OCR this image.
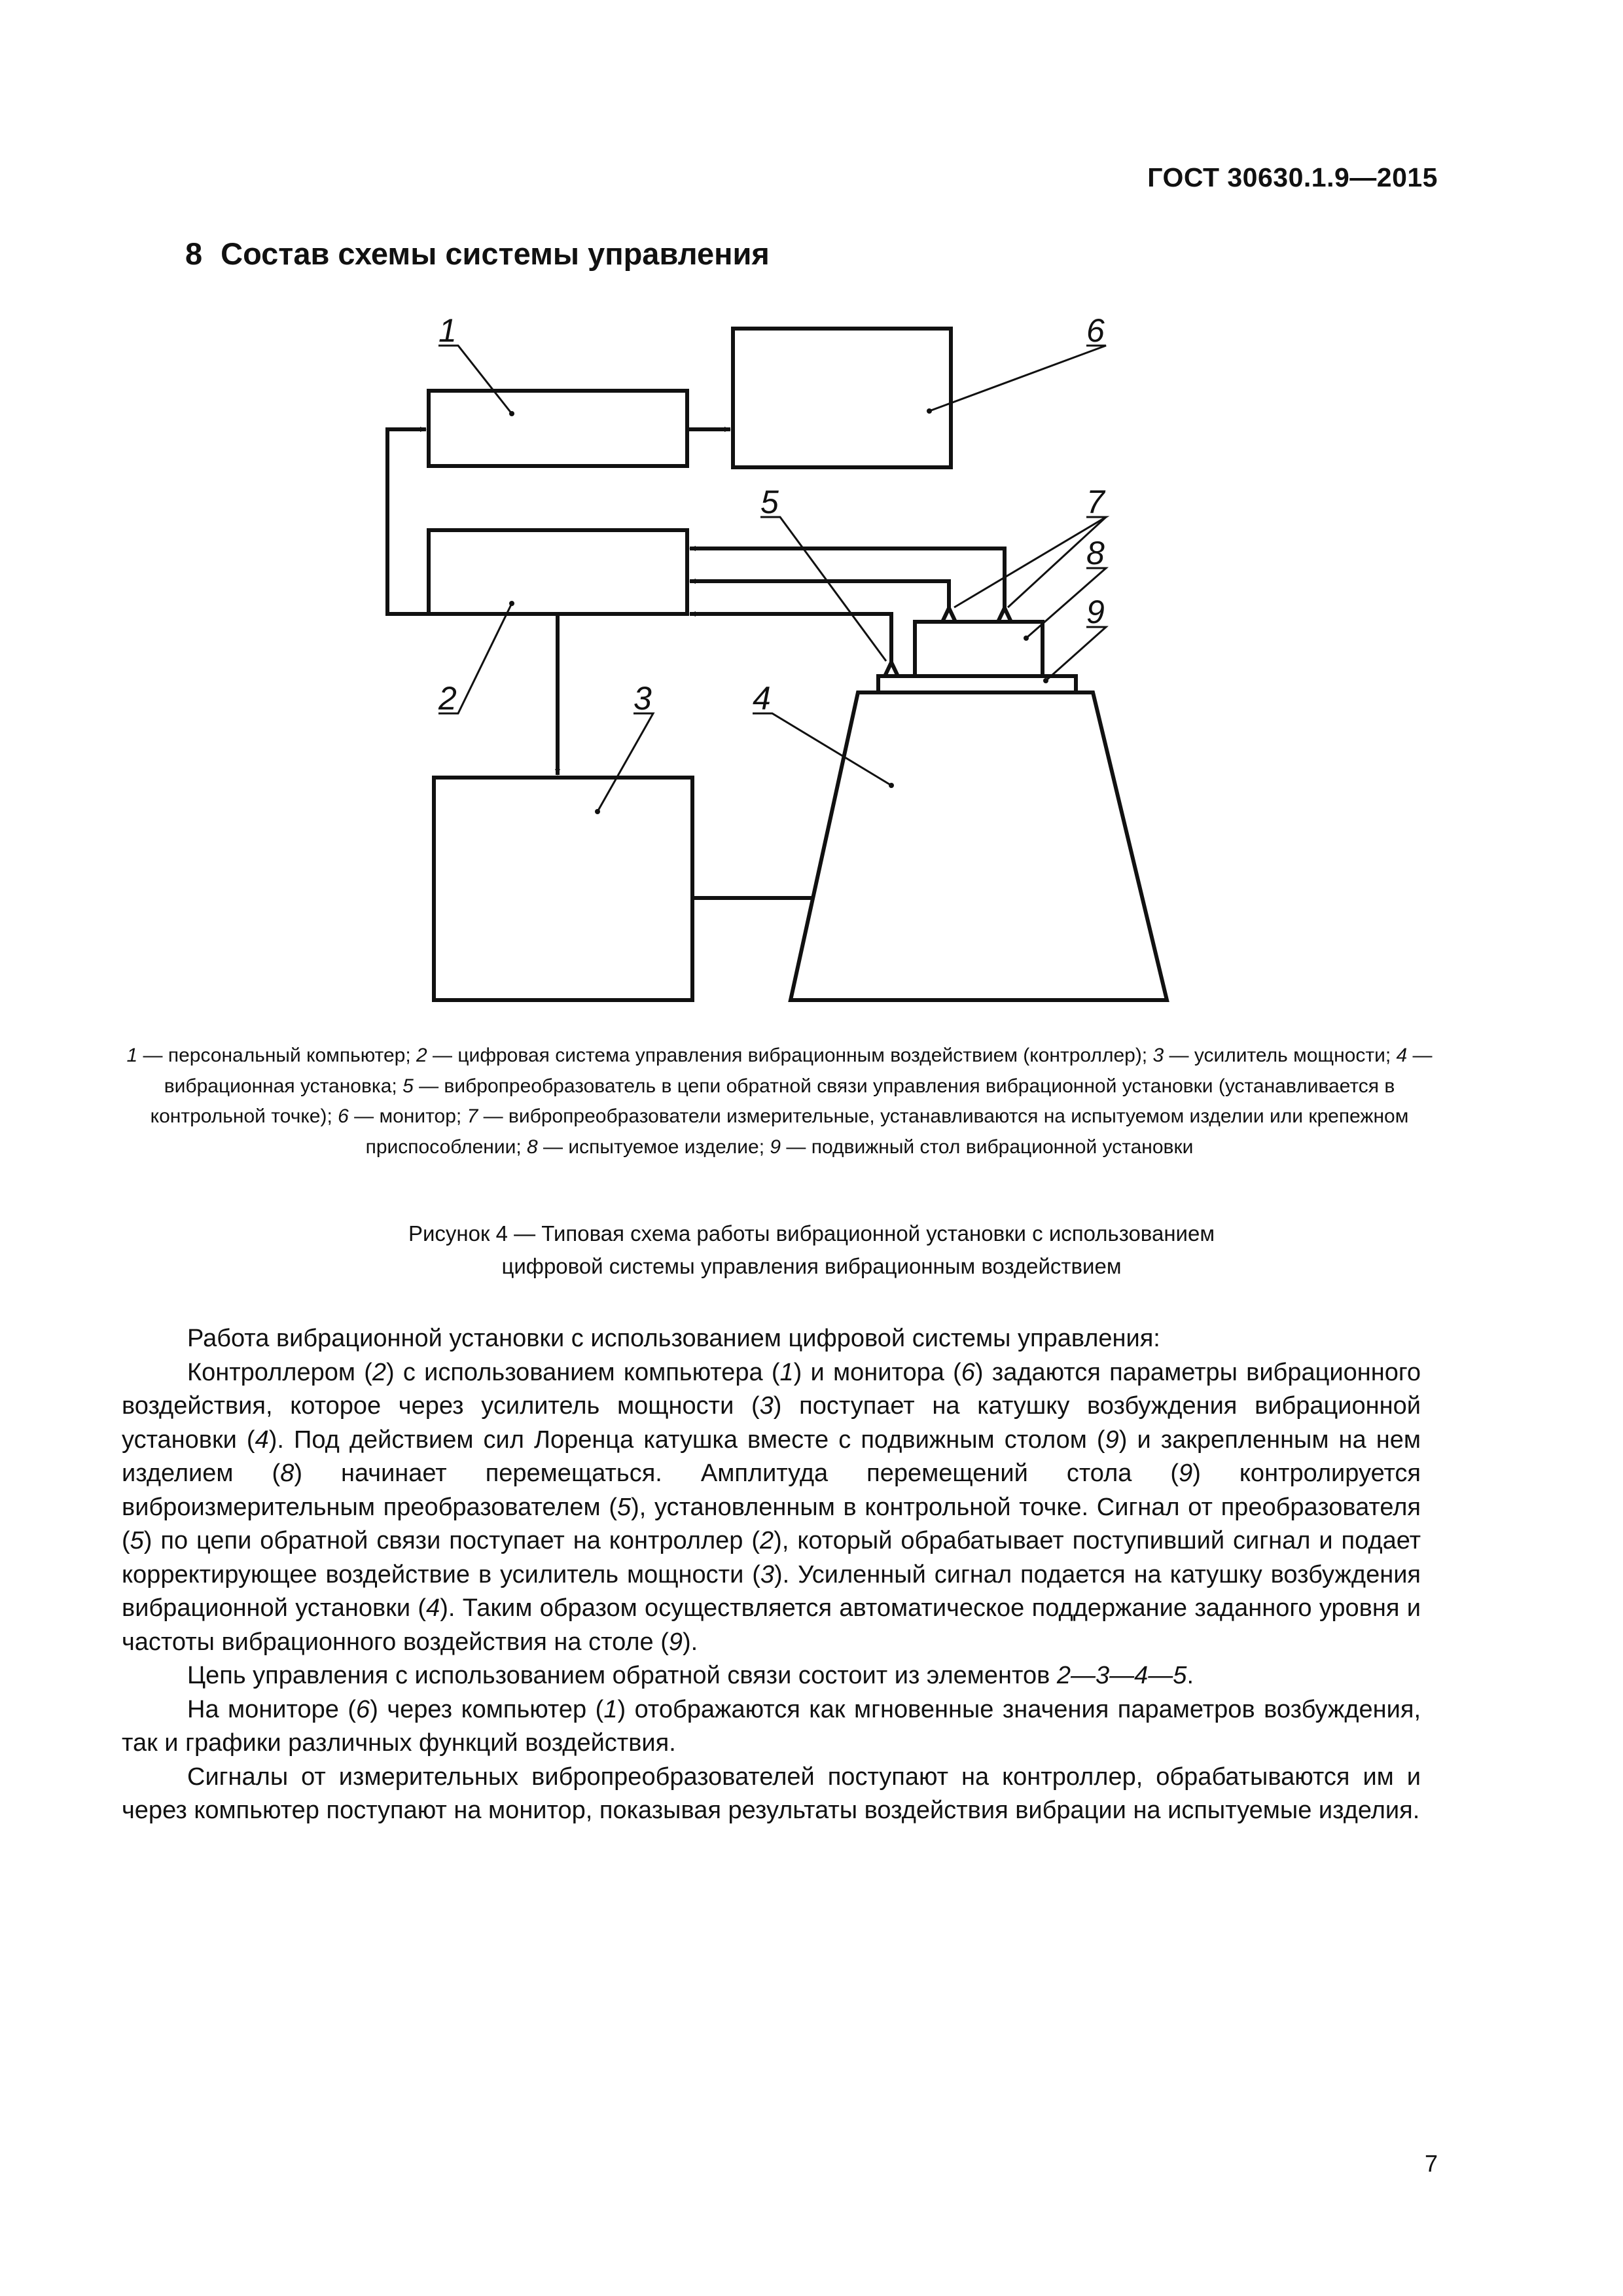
ГОСТ 30630.1.9—2015
8 Состав схемы системы управления
1
2	3	4
5
6
7
8
9
1 — персональный компьютер; 2 — цифровая система управления вибрационным воздействием (контроллер); 3 — усилитель мощности; 4 — вибрационная установка; 5 — вибропреобразователь в цепи обратной связи управления вибрационной установки (устанавливается в контрольной точке); 6 — монитор; 7 — вибропреобразователи измерительные, устанавливаются на испытуемом изделии или крепежном приспособлении; 8 — испытуемое изделие; 9 — подвижный стол вибрационной установки
Рисунок 4 — Типовая схема работы вибрационной установки с использованием
цифровой системы управления вибрационным воздействием

Работа вибрационной установки с использованием цифровой системы управления:

Контроллером (2) с использованием компьютера (1) и монитора (6) задаются параметры вибрационного воздействия, которое через усилитель мощности (3) поступает на катушку возбуждения вибрационной установки (4). Под действием сил Лоренца катушка вместе с подвижным столом (9) и закрепленным на нем изделием (8) начинает перемещаться. Амплитуда перемещений стола (9) контролируется виброизмерительным преобразователем (5), установленным в контрольной точке. Сигнал от преобразователя (5) по цепи обратной связи поступает на контроллер (2), который обрабатывает поступивший сигнал и подает корректирующее воздействие в усилитель мощности (3). Усиленный сигнал подается на катушку возбуждения вибрационной установки (4). Таким образом осуществляется автоматическое поддержание заданного уровня и частоты вибрационного воздействия на столе (9).

Цепь управления с использованием обратной связи состоит из элементов 2—3—4—5.

На мониторе (6) через компьютер (1) отображаются как мгновенные значения параметров возбуждения, так и графики различных функций воздействия.

Сигналы от измерительных вибропреобразователей поступают на контроллер, обрабатываются им и через компьютер поступают на монитор, показывая результаты воздействия вибрации на испытуемые изделия.

7
